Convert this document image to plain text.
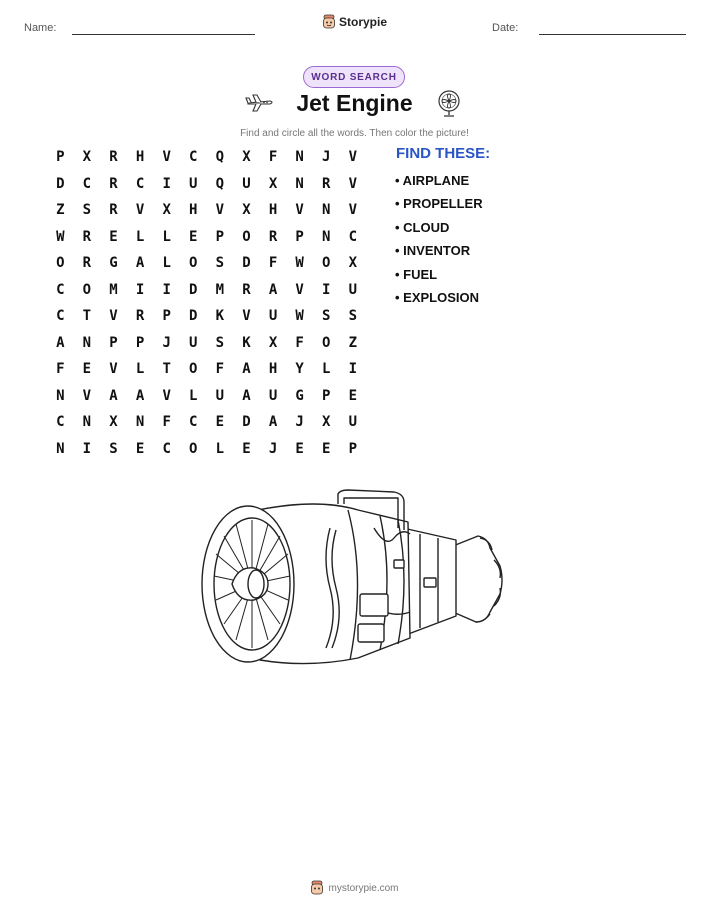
Name:	Storypie	Date:
WORD SEARCH
Jet Engine
Find and circle all the words. Then color the picture!
P	X	R	H	V	C	Q	X	F	N	J	V
D	C	R	C	I	U	Q	U	X	N	R	V
Z	S	R	V	X	H	V	X	H	V	N	V
W	R	E	L	L	E	P	O	R	P	N	C
O	R	G	A	L	O	S	D	F	W	O	X
C	O	M	I	I	D	M	R	A	V	I	U
C	T	V	R	P	D	K	V	U	W	S	S
A	N	P	P	J	U	S	K	X	F	O	Z
F	E	V	L	T	O	F	A	H	Y	L	I
N	V	A	A	V	L	U	A	U	G	P	E
C	N	X	N	F	C	E	D	A	J	X	U
N	I	S	E	C	O	L	E	J	E	E	P
FIND THESE:
• AIRPLANE
• PROPELLER
• CLOUD
• INVENTOR
• FUEL
• EXPLOSION
mystorypie.com
